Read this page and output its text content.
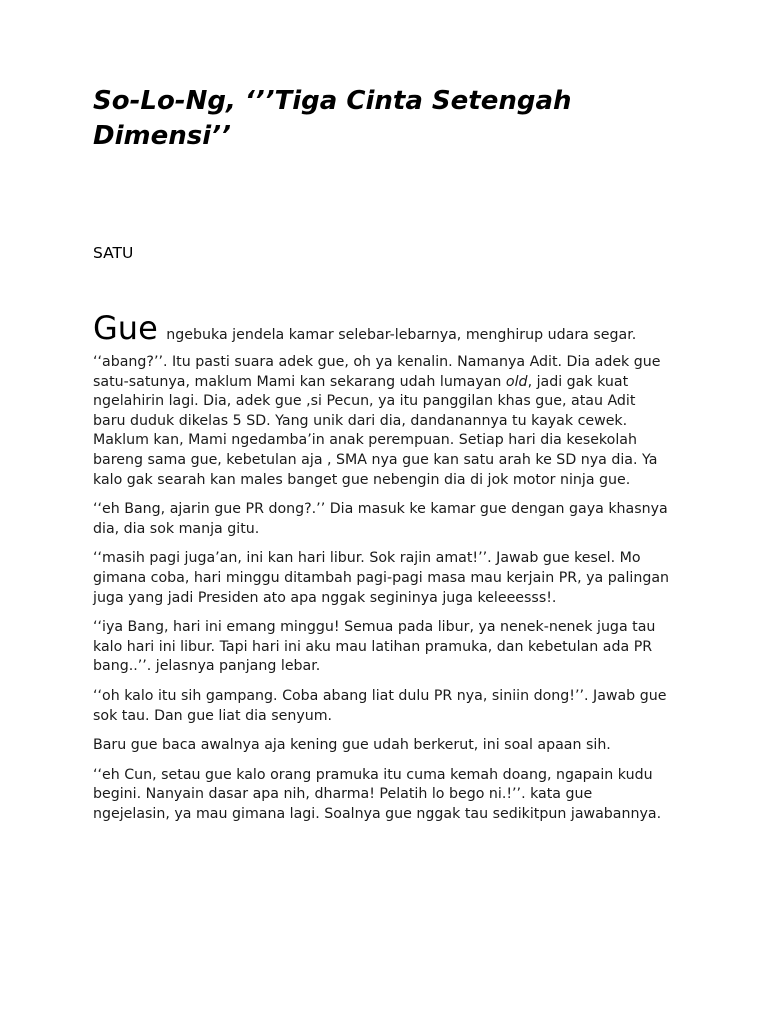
So-Lo-Ng, ‘’’Tiga Cinta Setengah Dimensi’’
SATU

Gue ngebuka jendela kamar selebar-lebarnya, menghirup udara segar.

‘‘abang?’’. Itu pasti suara adek gue, oh ya kenalin. Namanya Adit. Dia adek gue satu-satunya, maklum Mami kan sekarang udah lumayan old, jadi gak kuat ngelahirin lagi. Dia, adek gue ,si Pecun, ya itu panggilan khas gue, atau Adit baru duduk dikelas 5 SD. Yang unik dari dia, dandanannya tu kayak cewek. Maklum kan, Mami ngedamba’in anak perempuan. Setiap hari dia kesekolah bareng sama gue, kebetulan aja , SMA nya gue kan satu arah ke SD nya dia. Ya kalo gak searah kan males banget gue nebengin dia di jok motor ninja gue.

‘‘eh Bang, ajarin gue PR dong?.’’ Dia masuk ke kamar gue dengan gaya khasnya dia, dia sok manja gitu.

‘‘masih pagi juga’an, ini kan hari libur. Sok rajin amat!’’. Jawab gue kesel. Mo gimana coba, hari minggu ditambah pagi-pagi masa mau kerjain PR, ya palingan juga yang jadi Presiden ato apa nggak segininya juga keleeesss!.

‘‘iya Bang, hari ini emang minggu! Semua pada libur, ya nenek-nenek juga tau kalo hari ini libur. Tapi hari ini aku mau latihan pramuka, dan kebetulan ada PR bang..’’. jelasnya panjang lebar.

‘‘oh kalo itu sih gampang. Coba abang liat dulu PR nya, siniin dong!’’. Jawab gue sok tau. Dan gue liat dia senyum.

Baru gue baca awalnya aja kening gue udah berkerut, ini soal apaan sih.

‘‘eh Cun, setau gue kalo orang pramuka itu cuma kemah doang, ngapain kudu begini. Nanyain dasar apa nih, dharma! Pelatih lo bego ni.!’’. kata gue ngejelasin, ya mau gimana lagi. Soalnya gue nggak tau sedikitpun jawabannya.
